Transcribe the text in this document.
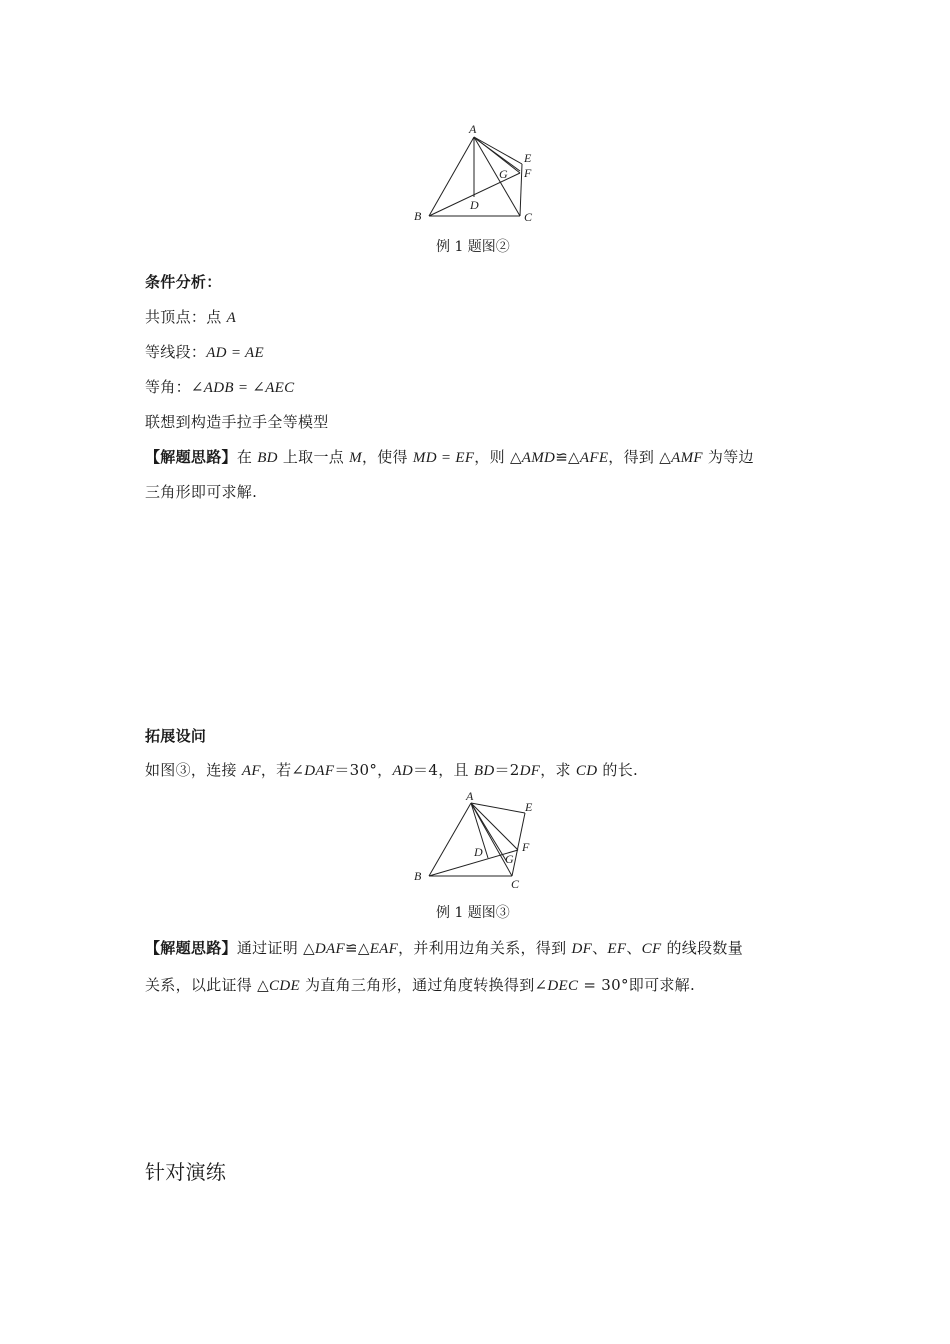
A
B	C
D
E
F
G
例 1 题图②
条件分析：
共顶点：点 A
等线段：AD = AE
等角：∠ADB = ∠AEC
联想到构造手拉手全等模型
【解题思路】在 BD 上取一点 M，使得 MD = EF，则 △AMD≌△AFE，得到 △AMF 为等边
三角形即可求解.
拓展设问
如图③，连接 AF，若∠DAF＝30°，AD＝4，且 BD＝2DF，求 CD 的长.
A
B
C
D
E
F
G
例 1 题图③
【解题思路】通过证明 △DAF≌△EAF，并利用边角关系，得到 DF、EF、CF 的线段数量
关系，以此证得 △CDE 为直角三角形，通过角度转换得到∠DEC = 30°即可求解.
针对演练
